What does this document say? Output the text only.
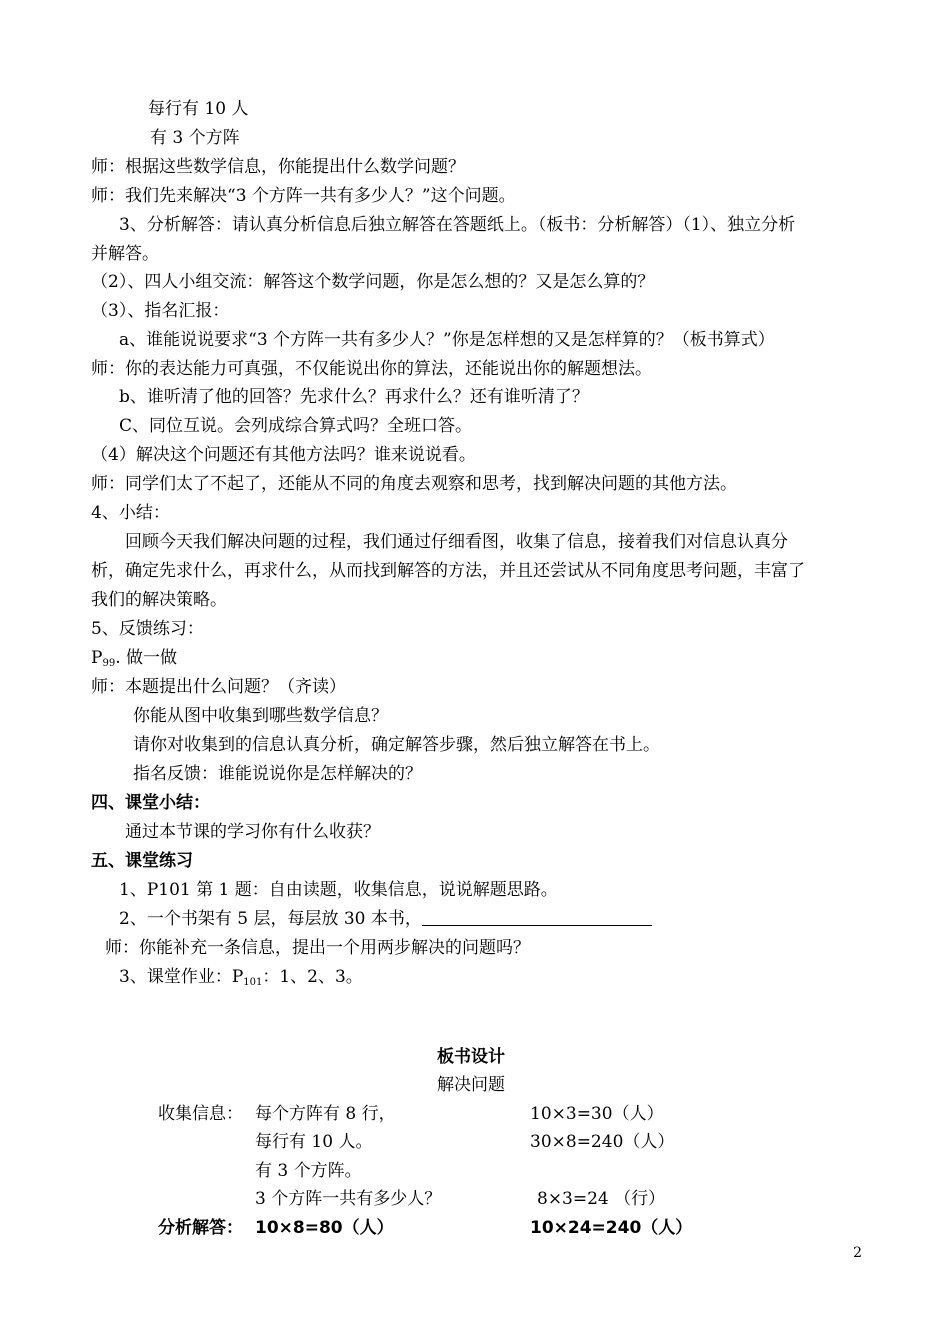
每行有 10 人
有 3 个方阵
师：根据这些数学信息，你能提出什么数学问题？
师：我们先来解决“3 个方阵一共有多少人？”这个问题。
3、分析解答：请认真分析信息后独立解答在答题纸上。（板书：分析解答）（1）、独立分析
并解答。
（2）、四人小组交流：解答这个数学问题，你是怎么想的？又是怎么算的？
（3）、指名汇报：
a、谁能说说要求“3 个方阵一共有多少人？”你是怎样想的又是怎样算的？（板书算式）
师：你的表达能力可真强，不仅能说出你的算法，还能说出你的解题想法。
b、谁听清了他的回答？先求什么？再求什么？还有谁听清了？
C、同位互说。会列成综合算式吗？全班口答。
（4）解决这个问题还有其他方法吗？谁来说说看。
师：同学们太了不起了，还能从不同的角度去观察和思考，找到解决问题的其他方法。
4、小结：
回顾今天我们解决问题的过程，我们通过仔细看图，收集了信息，接着我们对信息认真分
析，确定先求什么，再求什么，从而找到解答的方法，并且还尝试从不同角度思考问题，丰富了
我们的解决策略。
5、反馈练习：
$P_{99}$. 做一做
师：本题提出什么问题？（齐读）
你能从图中收集到哪些数学信息？
请你对收集到的信息认真分析，确定解答步骤，然后独立解答在书上。
指名反馈：谁能说说你是怎样解决的？
四、课堂小结：
通过本节课的学习你有什么收获？
五、课堂练习
1、P101 第 1 题：自由读题，收集信息，说说解题思路。
2、一个书架有 5 层，每层放 30 本书，
师：你能补充一条信息，提出一个用两步解决的问题吗？
3、课堂作业：$P_{101}$：1、2、3。
板书设计
解决问题
收集信息： 每个方阵有 8 行，	10×3=30（人）
每行有 10 人。	30×8=240（人）
有 3 个方阵。
3 个方阵一共有多少人？	8×3=24 （行）
分析解答： 10×8=80（人）	10×24=240（人）
2
